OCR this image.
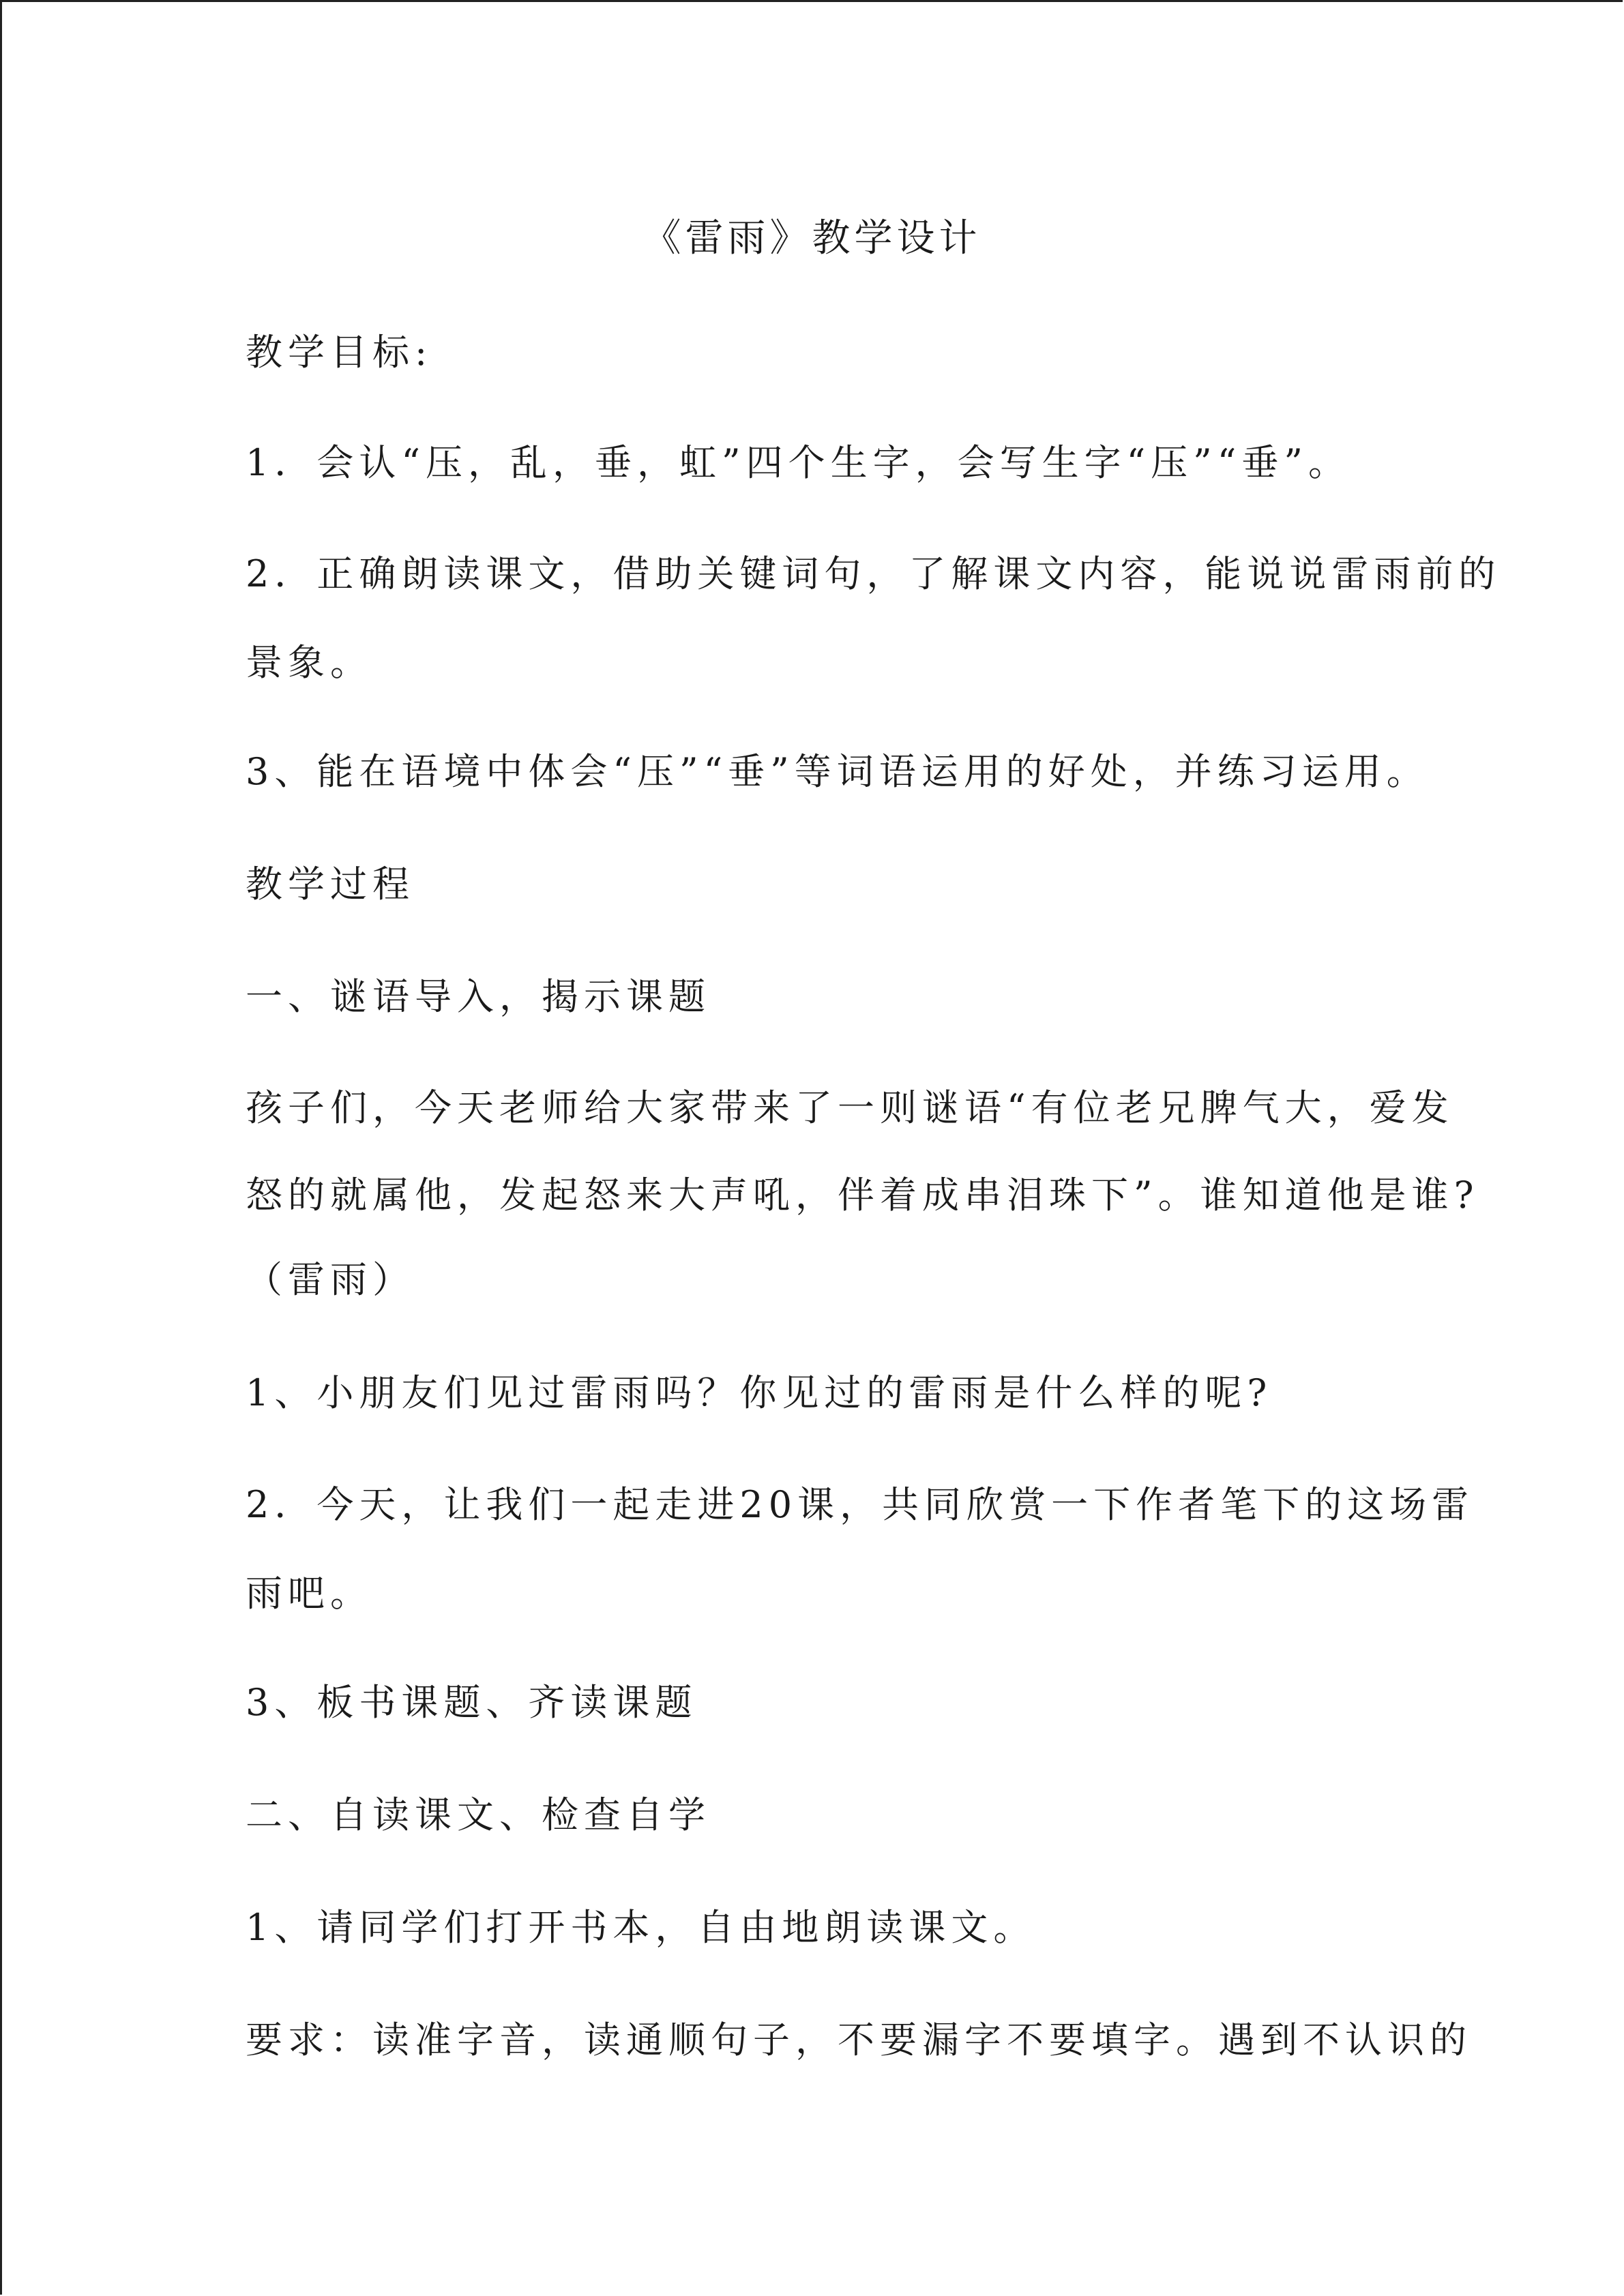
《雷雨》教学设计
教学目标:
1．会认“压，乱，垂，虹”四个生字，会写生字“压”“垂”。
2．正确朗读课文，借助关键词句，了解课文内容，能说说雷雨前的
景象。
3、能在语境中体会“压”“垂”等词语运用的好处，并练习运用。
教学过程
一、谜语导入，揭示课题
孩子们，今天老师给大家带来了一则谜语“有位老兄脾气大，爱发
怒的就属他，发起怒来大声吼，伴着成串泪珠下”。谁知道他是谁?
（雷雨）
1、小朋友们见过雷雨吗？你见过的雷雨是什么样的呢?
2．今天，让我们一起走进20课，共同欣赏一下作者笔下的这场雷
雨吧。
3、板书课题、齐读课题
二、自读课文、检查自学
1、请同学们打开书本，自由地朗读课文。
要求：读准字音，读通顺句子，不要漏字不要填字。遇到不认识的
